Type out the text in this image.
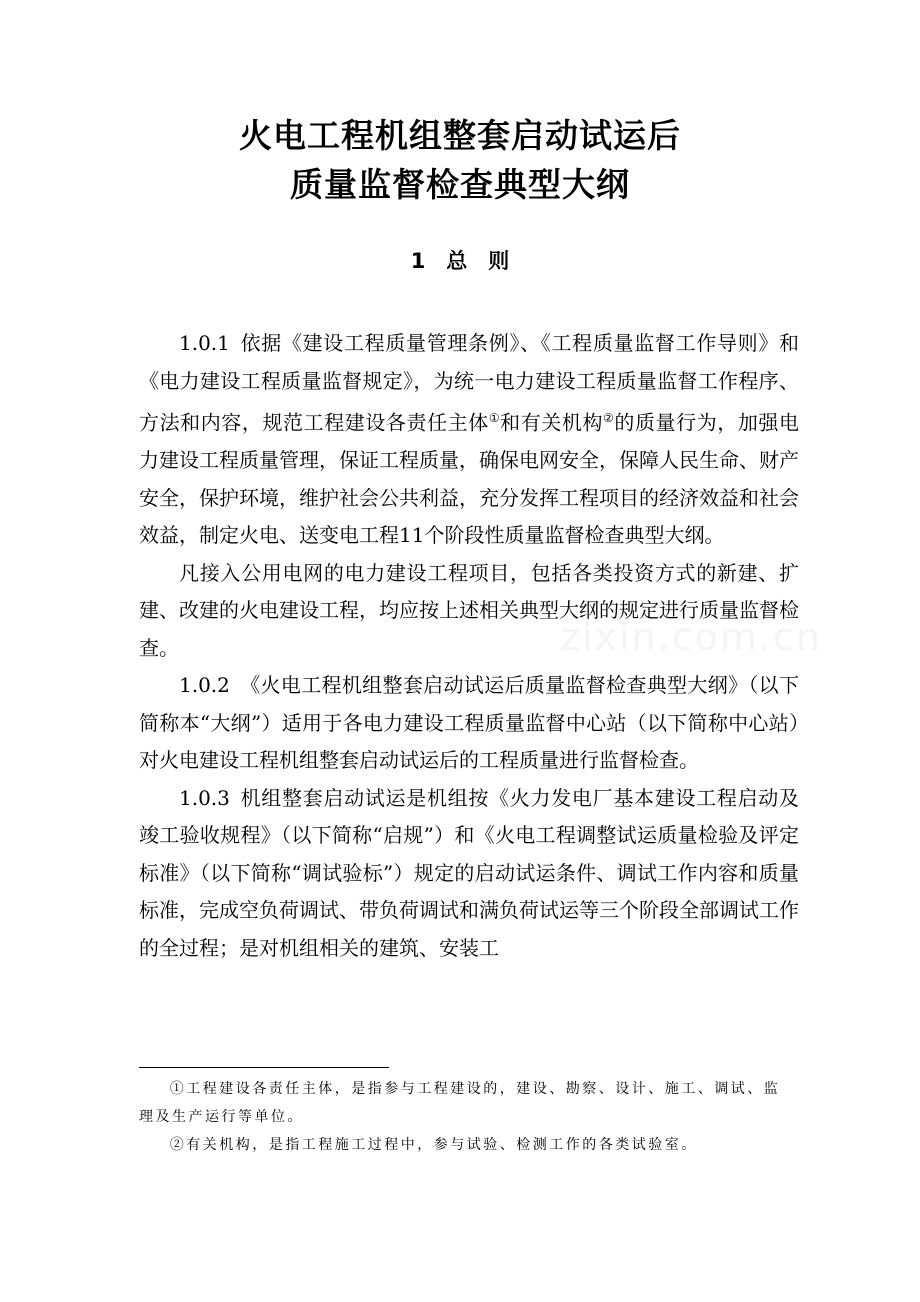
zixin.com.cn
火电工程机组整套启动试运后
质量监督检查典型大纲
1　总　则

1.0.1 依据《建设工程质量管理条例》、《工程质量监督工作导则》和《电力建设工程质量监督规定》，为统一电力建设工程质量监督工作程序、方法和内容，规范工程建设各责任主体①和有关机构②的质量行为，加强电力建设工程质量管理，保证工程质量，确保电网安全，保障人民生命、财产安全，保护环境，维护社会公共利益，充分发挥工程项目的经济效益和社会效益，制定火电、送变电工程11个阶段性质量监督检查典型大纲。

凡接入公用电网的电力建设工程项目，包括各类投资方式的新建、扩建、改建的火电建设工程，均应按上述相关典型大纲的规定进行质量监督检查。

1.0.2 《火电工程机组整套启动试运后质量监督检查典型大纲》（以下简称本“大纲”）适用于各电力建设工程质量监督中心站（以下简称中心站）对火电建设工程机组整套启动试运后的工程质量进行监督检查。

1.0.3 机组整套启动试运是机组按《火力发电厂基本建设工程启动及竣工验收规程》（以下简称“启规”）和《火电工程调整试运质量检验及评定标准》（以下简称“调试验标”）规定的启动试运条件、调试工作内容和质量标准，完成空负荷调试、带负荷调试和满负荷试运等三个阶段全部调试工作的全过程；是对机组相关的建筑、安装工

①工程建设各责任主体，是指参与工程建设的，建设、勘察、设计、施工、调试、监理及生产运行等单位。

②有关机构，是指工程施工过程中，参与试验、检测工作的各类试验室。
